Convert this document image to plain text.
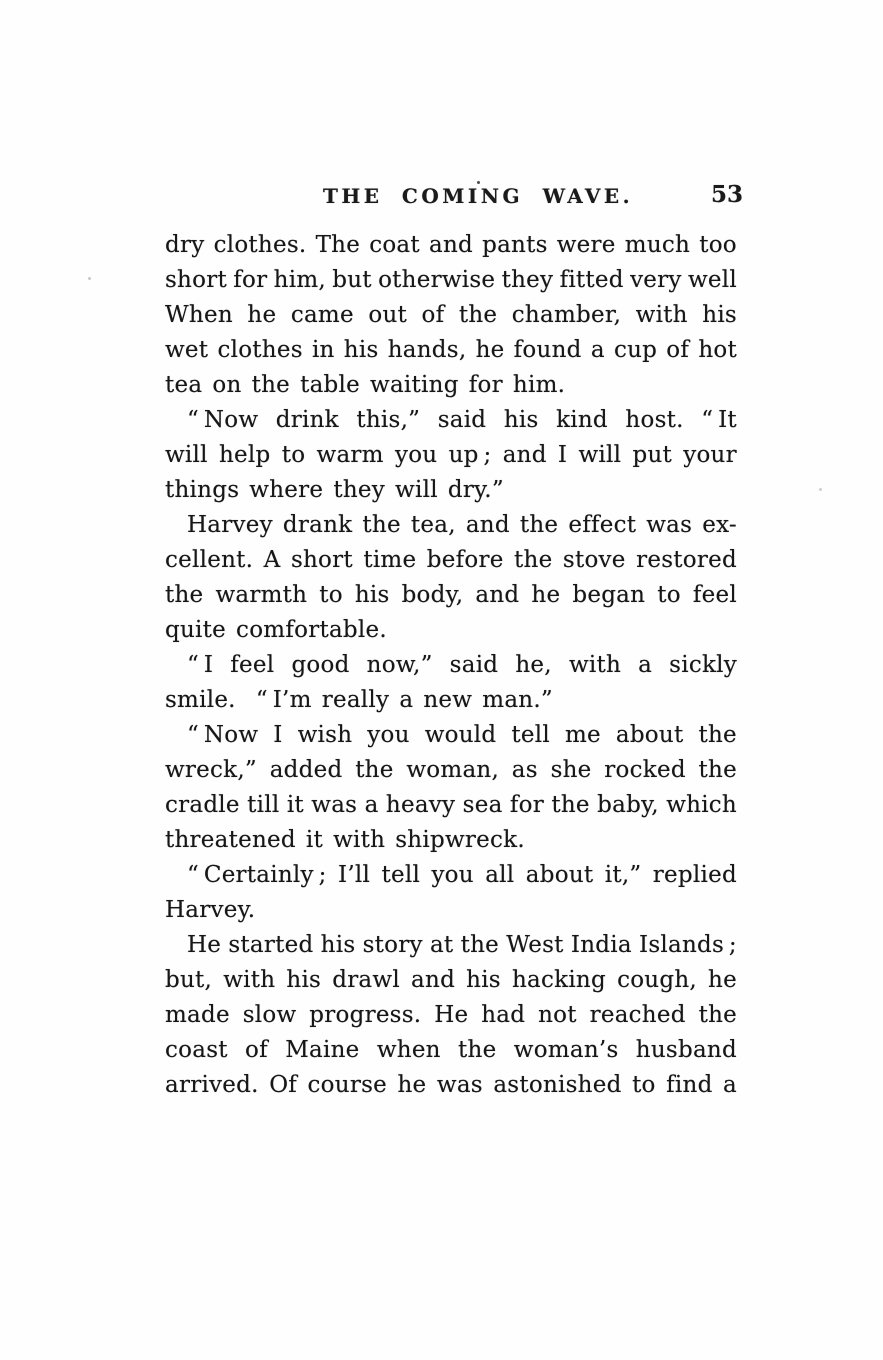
THE COMING WAVE.	53
dry clothes. The coat and pants were much too
short for him, but otherwise they fitted very well
When he came out of the chamber, with his
wet clothes in his hands, he found a cup of hot
tea on the table waiting for him.
“ Now drink this,” said his kind host. “ It
will help to warm you up ; and I will put your
things where they will dry.”
Harvey drank the tea, and the effect was ex-
cellent. A short time before the stove restored
the warmth to his body, and he began to feel
quite comfortable.
“ I feel good now,” said he, with a sickly
smile.  “ I’m really a new man.”
“ Now I wish you would tell me about the
wreck,” added the woman, as she rocked the
cradle till it was a heavy sea for the baby, which
threatened it with shipwreck.
“ Certainly ; I’ll tell you all about it,” replied
Harvey.
He started his story at the West India Islands ;
but, with his drawl and his hacking cough, he
made slow progress. He had not reached the
coast of Maine when the woman’s husband
arrived. Of course he was astonished to find a
